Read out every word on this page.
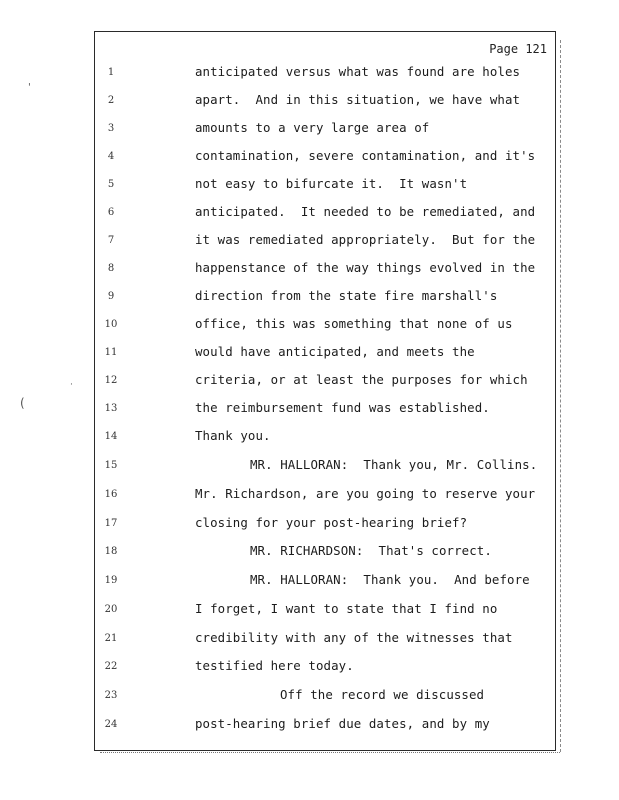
Page 121
1	anticipated versus what was found are holes
2	apart.  And in this situation, we have what
3	amounts to a very large area of
4	contamination, severe contamination, and it's
5	not easy to bifurcate it.  It wasn't
6	anticipated.  It needed to be remediated, and
7	it was remediated appropriately.  But for the
8	happenstance of the way things evolved in the
9	direction from the state fire marshall's
10	office, this was something that none of us
11	would have anticipated, and meets the
12	criteria, or at least the purposes for which
13	the reimbursement fund was established.
14	Thank you.
15	MR. HALLORAN:  Thank you, Mr. Collins.
16	Mr. Richardson, are you going to reserve your
17	closing for your post-hearing brief?
18	MR. RICHARDSON:  That's correct.
19	MR. HALLORAN:  Thank you.  And before
20	I forget, I want to state that I find no
21	credibility with any of the witnesses that
22	testified here today.
23	Off the record we discussed
24	post-hearing brief due dates, and by my
'
(
·
